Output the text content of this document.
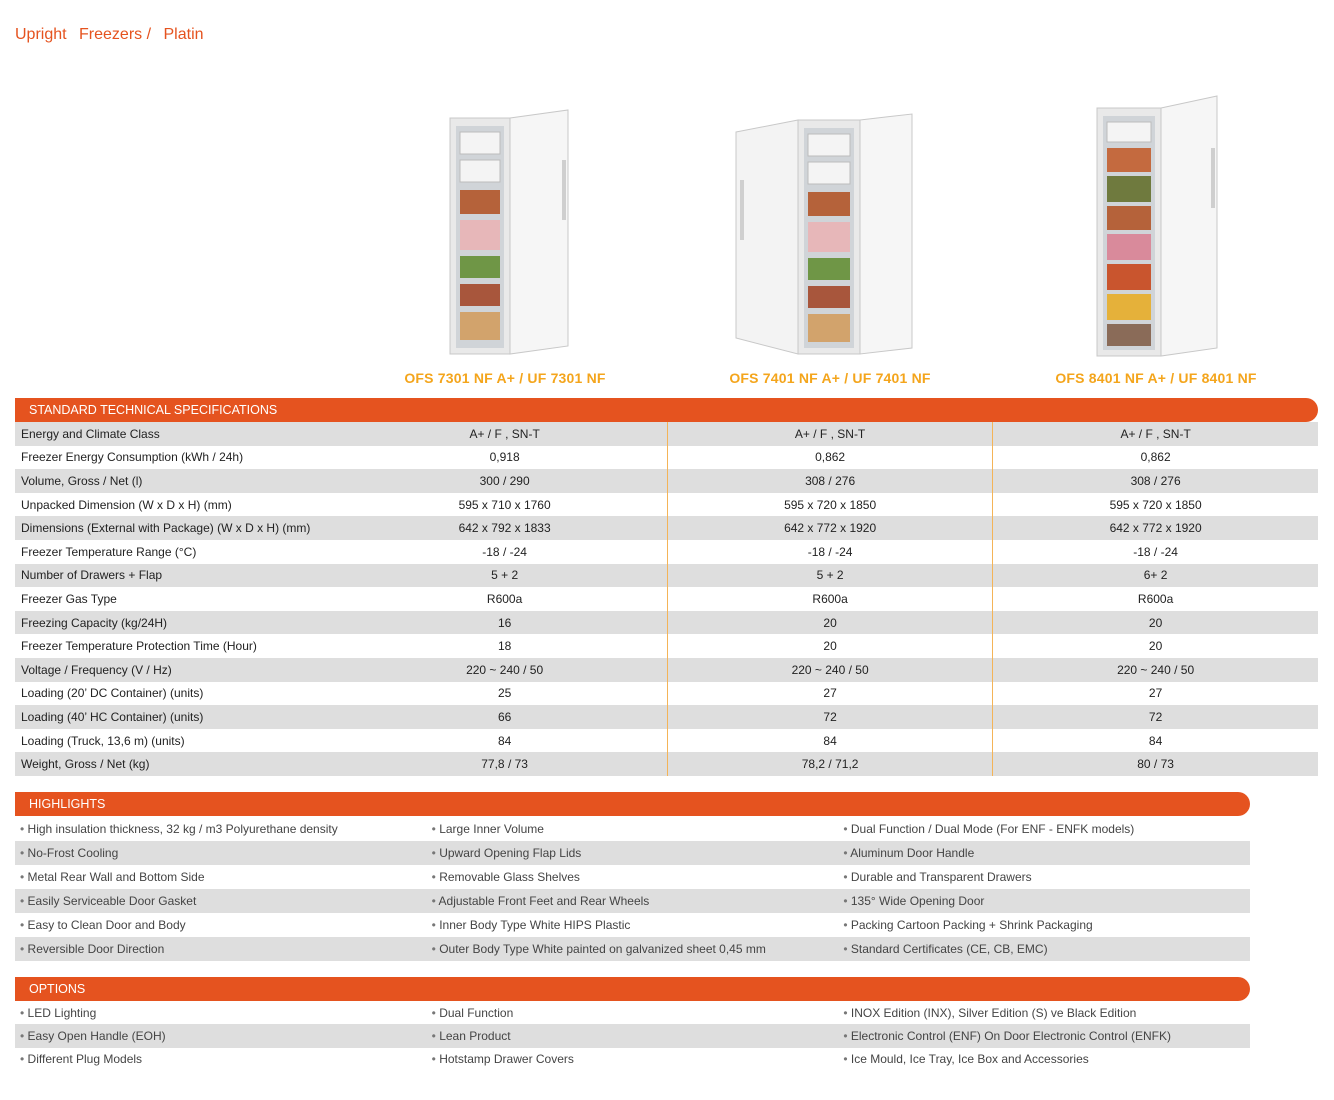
Upright Freezers / Platin
OFS 7301 NF A+ / UF 7301 NF	OFS 7401 NF A+ / UF 7401 NF	OFS 8401 NF A+ / UF 8401 NF
STANDARD TECHNICAL SPECIFICATIONS
Energy and Climate Class	A+ / F , SN-T	A+ / F , SN-T	A+ / F , SN-T
Freezer Energy Consumption (kWh / 24h)	0,918	0,862	0,862
Volume, Gross / Net (l)	300 / 290	308 / 276	308 / 276
Unpacked Dimension (W x D x H) (mm)	595 x 710 x 1760	595 x 720 x 1850	595 x 720 x 1850
Dimensions (External with Package) (W x D x H) (mm)	642 x 792 x 1833	642 x 772 x 1920	642 x 772 x 1920
Freezer Temperature Range (°C)	-18 / -24	-18 / -24	-18 / -24
Number of Drawers + Flap	5 + 2	5 + 2	6+ 2
Freezer Gas Type	R600a	R600a	R600a
Freezing Capacity (kg/24H)	16	20	20
Freezer Temperature Protection Time (Hour)	18	20	20
Voltage / Frequency (V / Hz)	220 ~ 240 / 50	220 ~ 240 / 50	220 ~ 240 / 50
Loading (20’ DC Container) (units)	25	27	27
Loading (40’ HC Container) (units)	66	72	72
Loading (Truck, 13,6 m) (units)	84	84	84
Weight, Gross / Net (kg)	77,8 / 73	78,2 / 71,2	80 / 73
HIGHLIGHTS
• High insulation thickness, 32 kg / m3 Polyurethane density	• Large Inner Volume	• Dual Function / Dual Mode (For ENF - ENFK models)
• No-Frost Cooling	• Upward Opening Flap Lids	• Aluminum Door Handle
• Metal Rear Wall and Bottom Side	• Removable Glass Shelves	• Durable and Transparent Drawers
• Easily Serviceable Door Gasket	• Adjustable Front Feet and Rear Wheels	• 135° Wide Opening Door
• Easy to Clean Door and Body	• Inner Body Type White HIPS Plastic	• Packing Cartoon Packing + Shrink Packaging
• Reversible Door Direction	• Outer Body Type White painted on galvanized sheet 0,45 mm	• Standard Certificates (CE, CB, EMC)
OPTIONS
• LED Lighting	• Dual Function	• INOX Edition (INX), Silver Edition (S) ve Black Edition
• Easy Open Handle (EOH)	• Lean Product	• Electronic Control (ENF) On Door Electronic Control (ENFK)
• Different Plug Models	• Hotstamp Drawer Covers	• Ice Mould, Ice Tray, Ice Box and Accessories
